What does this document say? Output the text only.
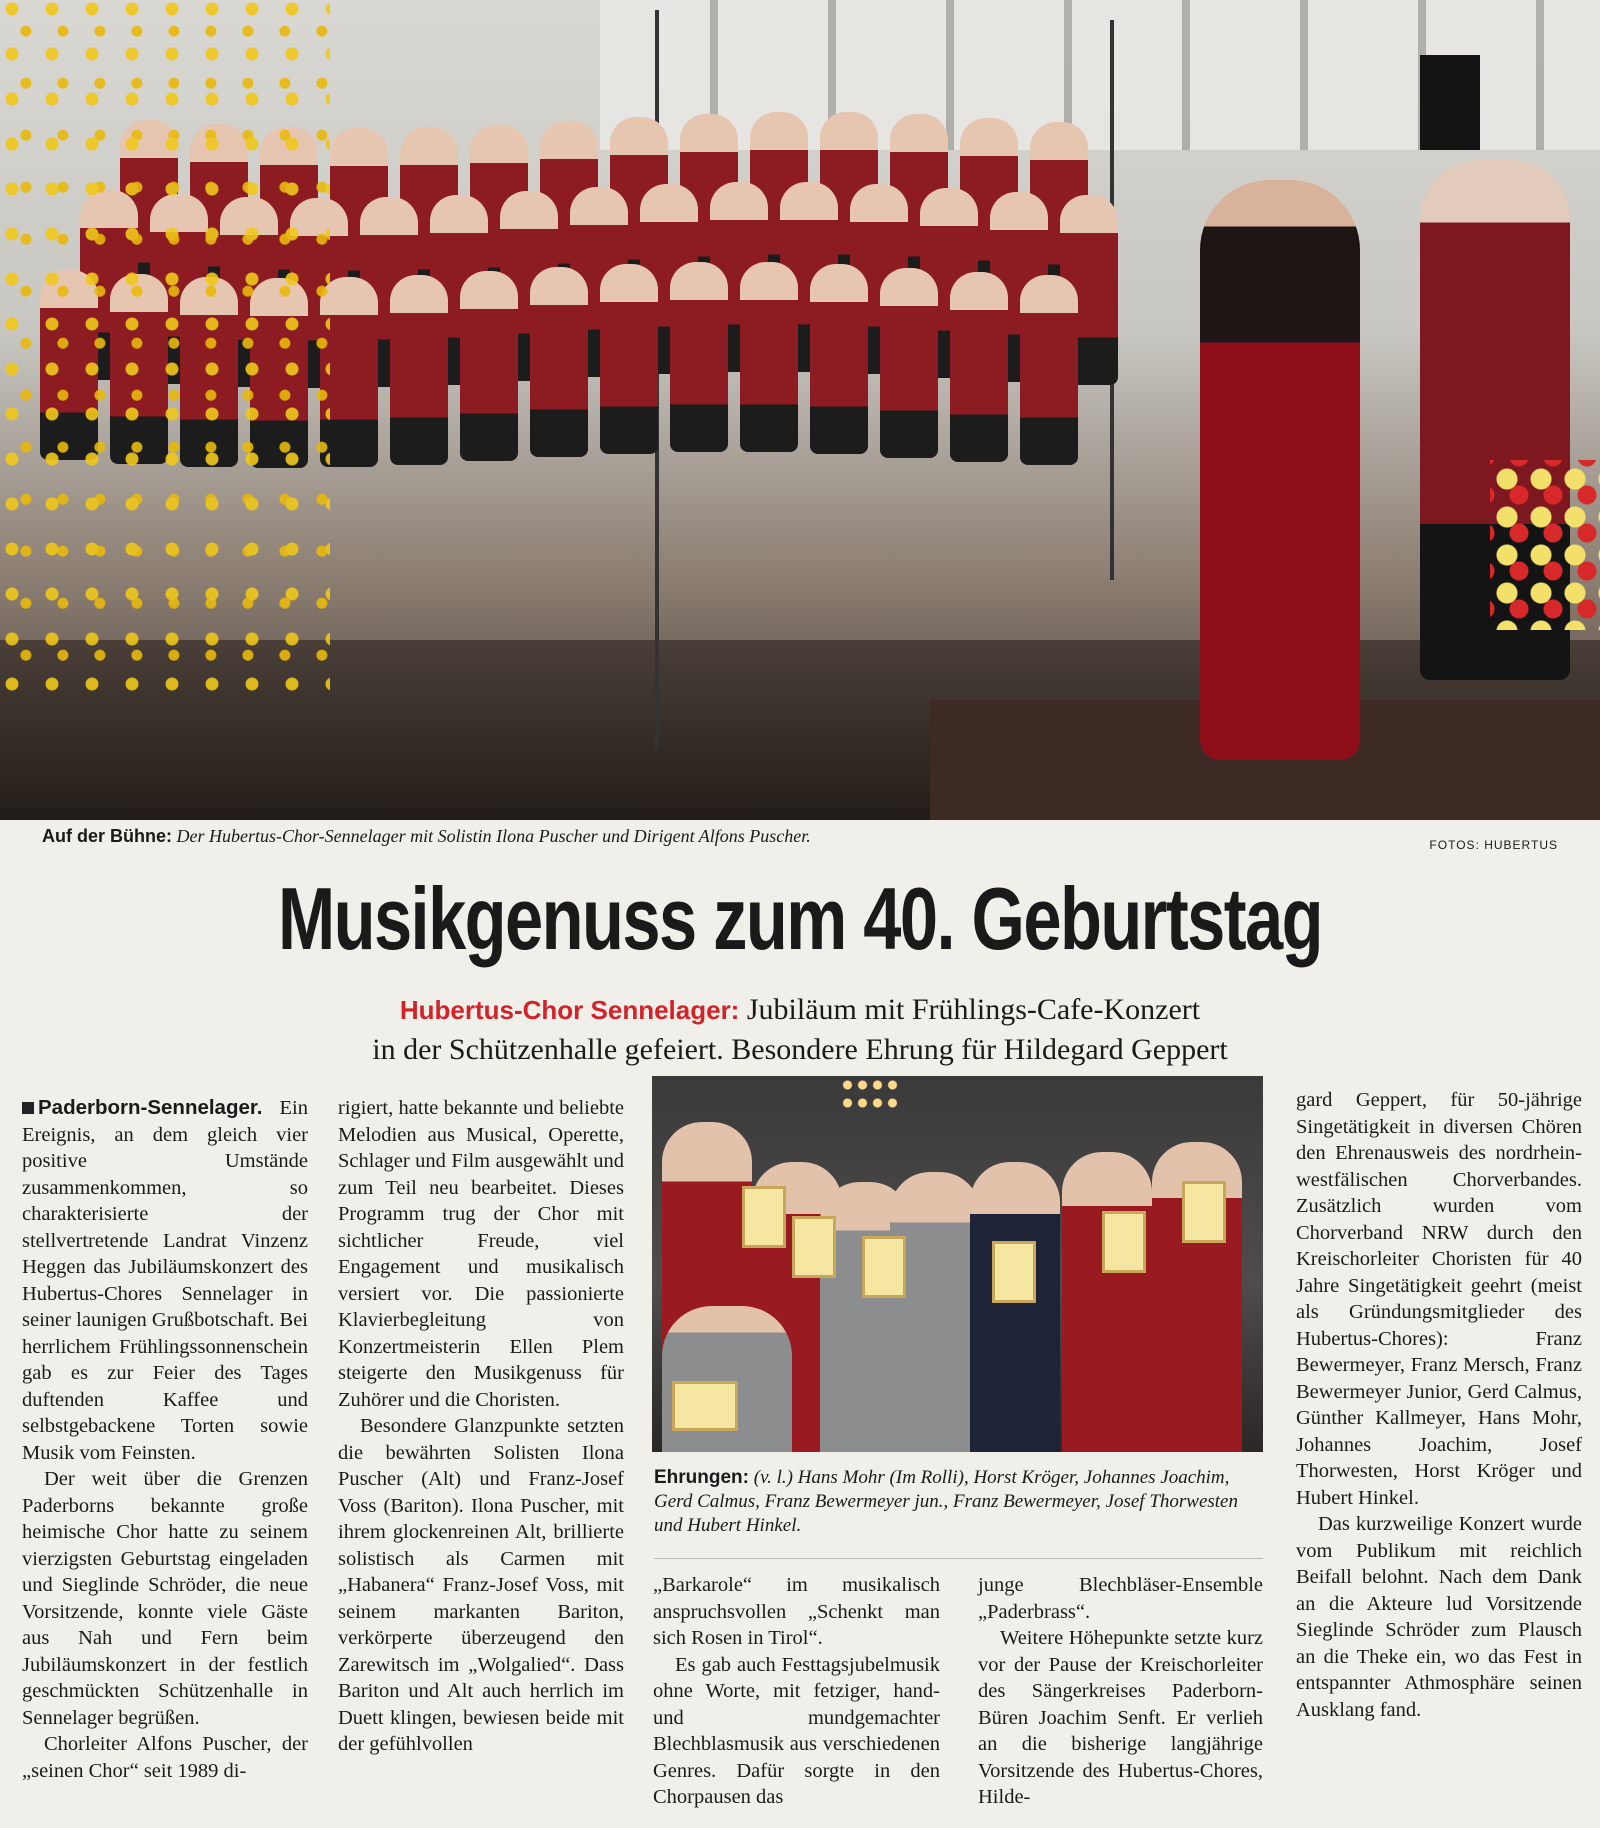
Auf der Bühne: Der Hubertus-Chor-Sennelager mit Solistin Ilona Puscher und Dirigent Alfons Puscher.	FOTOS: HUBERTUS
Musikgenuss zum 40. Geburtstag
Hubertus-Chor Sennelager: Jubiläum mit Frühlings-Cafe-Konzert
in der Schützenhalle gefeiert. Besondere Ehrung für Hildegard Geppert

Paderborn-Sennelager. Ein Ereignis, an dem gleich vier positive Umstände zusammenkommen, so charakterisierte der stellvertretende Landrat Vinzenz Heggen das Jubiläumskonzert des Hubertus-Chores Sennelager in seiner launigen Grußbotschaft. Bei herrlichem Frühlingssonnenschein gab es zur Feier des Tages duftenden Kaffee und selbstgebackene Torten sowie Musik vom Feinsten.

Der weit über die Grenzen Paderborns bekannte große heimische Chor hatte zu seinem vierzigsten Geburtstag eingeladen und Sieglinde Schröder, die neue Vorsitzende, konnte viele Gäste aus Nah und Fern beim Jubiläumskonzert in der festlich geschmückten Schützenhalle in Sennelager begrüßen.

Chorleiter Alfons Puscher, der „seinen Chor“ seit 1989 di-

rigiert, hatte bekannte und beliebte Melodien aus Musical, Operette, Schlager und Film ausgewählt und zum Teil neu bearbeitet. Dieses Programm trug der Chor mit sichtlicher Freude, viel Engagement und musikalisch versiert vor. Die passionierte Klavierbegleitung von Konzertmeisterin Ellen Plem steigerte den Musikgenuss für Zuhörer und die Choristen.

Besondere Glanzpunkte setzten die bewährten Solisten Ilona Puscher (Alt) und Franz-Josef Voss (Bariton). Ilona Puscher, mit ihrem glockenreinen Alt, brillierte solistisch als Carmen mit „Habanera“ Franz-Josef Voss, mit seinem markanten Bariton, verkörperte überzeugend den Zarewitsch im „Wolgalied“. Dass Bariton und Alt auch herrlich im Duett klingen, bewiesen beide mit der gefühlvollen

Ehrungen: (v. l.) Hans Mohr (Im Rolli), Horst Kröger, Johannes Joachim, Gerd Calmus, Franz Bewermeyer jun., Franz Bewermeyer, Josef Thorwesten und Hubert Hinkel.

„Barkarole“ im musikalisch anspruchsvollen „Schenkt man sich Rosen in Tirol“.

Es gab auch Festtagsjubelmusik ohne Worte, mit fetziger, hand- und mundgemachter Blechblasmusik aus verschiedenen Genres. Dafür sorgte in den Chorpausen das

junge Blechbläser-Ensemble „Paderbrass“.

Weitere Höhepunkte setzte kurz vor der Pause der Kreischorleiter des Sängerkreises Paderborn-Büren Joachim Senft. Er verlieh an die bisherige langjährige Vorsitzende des Hubertus-Chores, Hilde-

gard Geppert, für 50-jährige Singetätigkeit in diversen Chören den Ehrenausweis des nordrhein-westfälischen Chorverbandes. Zusätzlich wurden vom Chorverband NRW durch den Kreischorleiter Choristen für 40 Jahre Singetätigkeit geehrt (meist als Gründungsmitglieder des Hubertus-Chores): Franz Bewermeyer, Franz Mersch, Franz Bewermeyer Junior, Gerd Calmus, Günther Kallmeyer, Hans Mohr, Johannes Joachim, Josef Thorwesten, Horst Kröger und Hubert Hinkel.

Das kurzweilige Konzert wurde vom Publikum mit reichlich Beifall belohnt. Nach dem Dank an die Akteure lud Vorsitzende Sieglinde Schröder zum Plausch an die Theke ein, wo das Fest in entspannter Athmosphäre seinen Ausklang fand.
